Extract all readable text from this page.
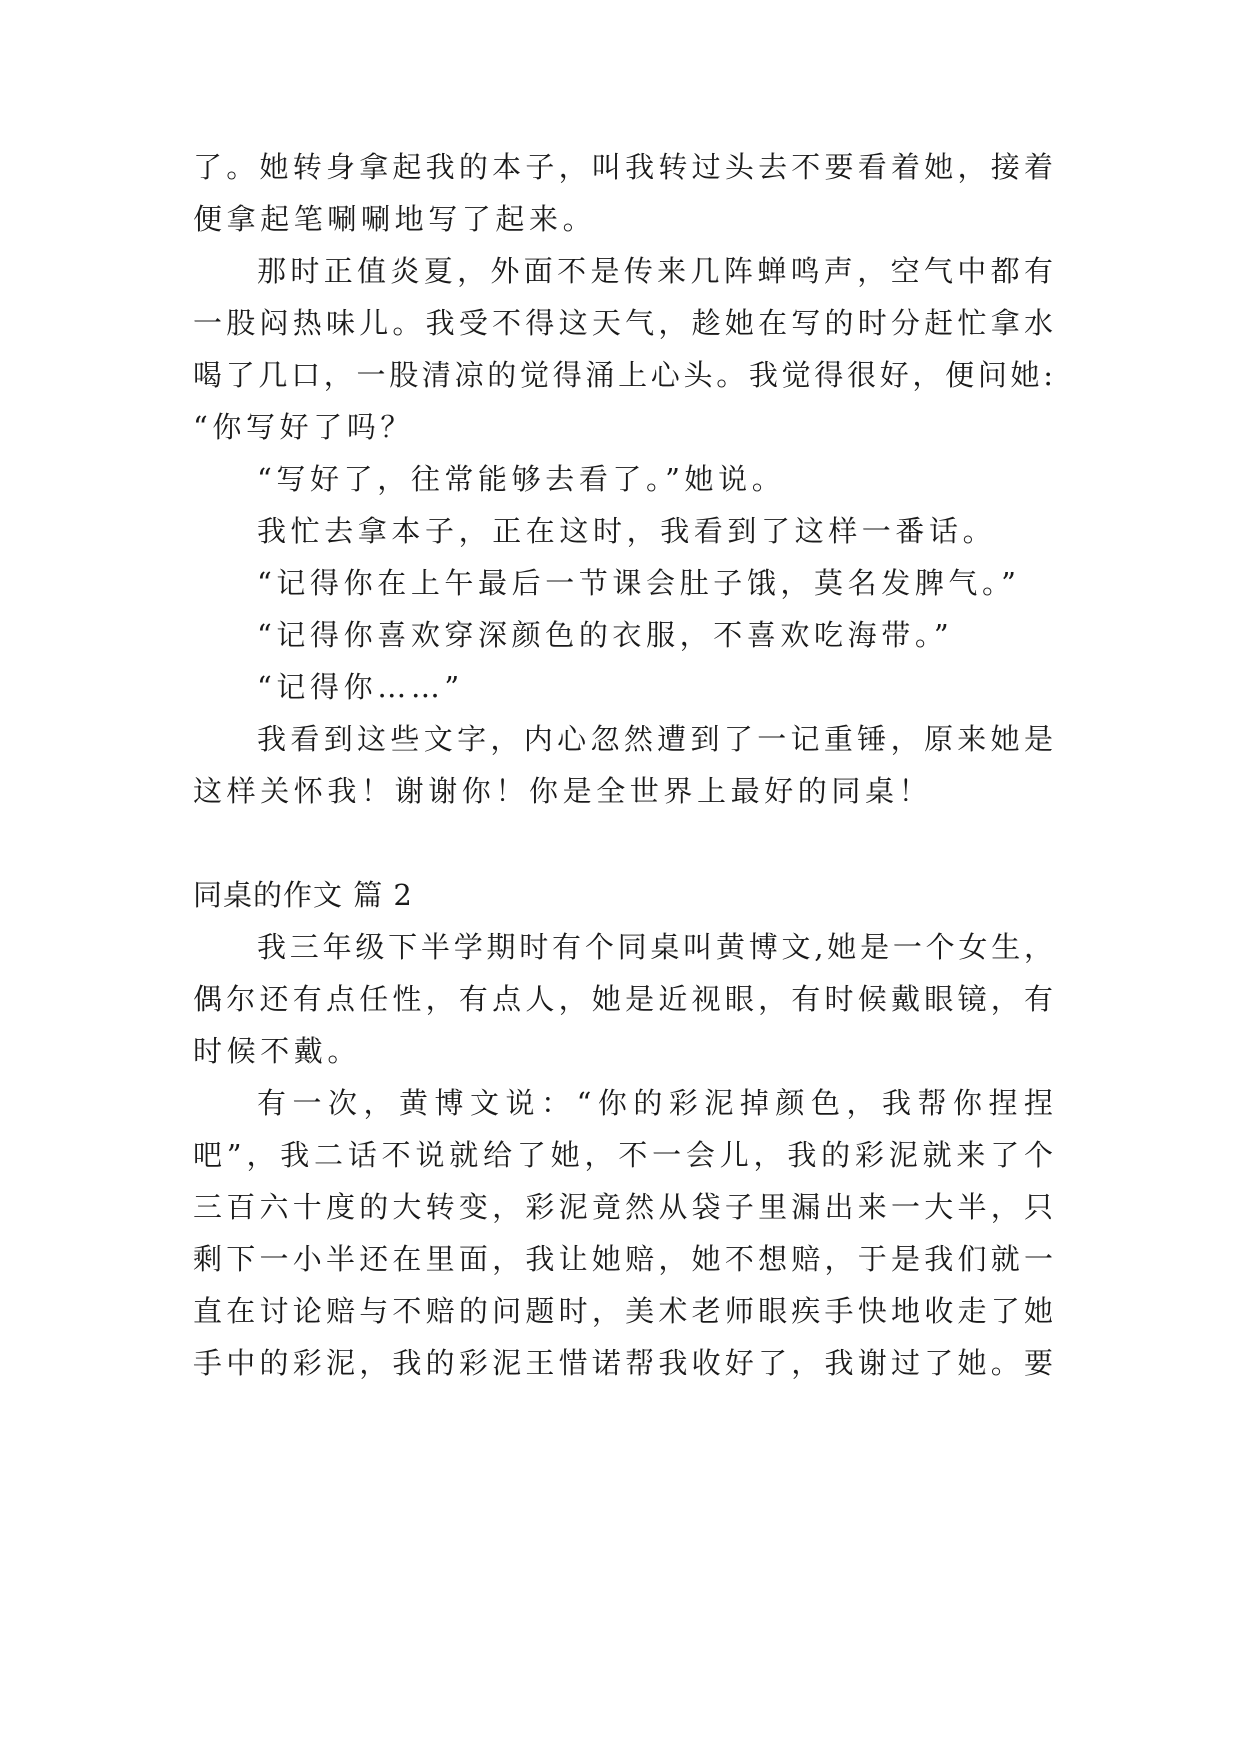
了。她转身拿起我的本子，叫我转过头去不要看着她，接着
便拿起笔唰唰地写了起来。
那时正值炎夏，外面不是传来几阵蝉鸣声，空气中都有
一股闷热味儿。我受不得这天气，趁她在写的时分赶忙拿水
喝了几口，一股清凉的觉得涌上心头。我觉得很好，便问她:
“你写好了吗？
“写好了，往常能够去看了。”她说。
我忙去拿本子，正在这时，我看到了这样一番话。
“记得你在上午最后一节课会肚子饿，莫名发脾气。”
“记得你喜欢穿深颜色的衣服，不喜欢吃海带。”
“记得你……”
我看到这些文字，内心忽然遭到了一记重锤，原来她是
这样关怀我！谢谢你！你是全世界上最好的同桌！
同桌的作文 篇 2
我三年级下半学期时有个同桌叫黄博文,她是一个女生，
偶尔还有点任性，有点人，她是近视眼，有时候戴眼镜，有
时候不戴。
有一次，黄博文说：“你的彩泥掉颜色，我帮你捏捏
吧”，我二话不说就给了她，不一会儿，我的彩泥就来了个
三百六十度的大转变，彩泥竟然从袋子里漏出来一大半，只
剩下一小半还在里面，我让她赔，她不想赔，于是我们就一
直在讨论赔与不赔的问题时，美术老师眼疾手快地收走了她
手中的彩泥，我的彩泥王惜诺帮我收好了，我谢过了她。要
